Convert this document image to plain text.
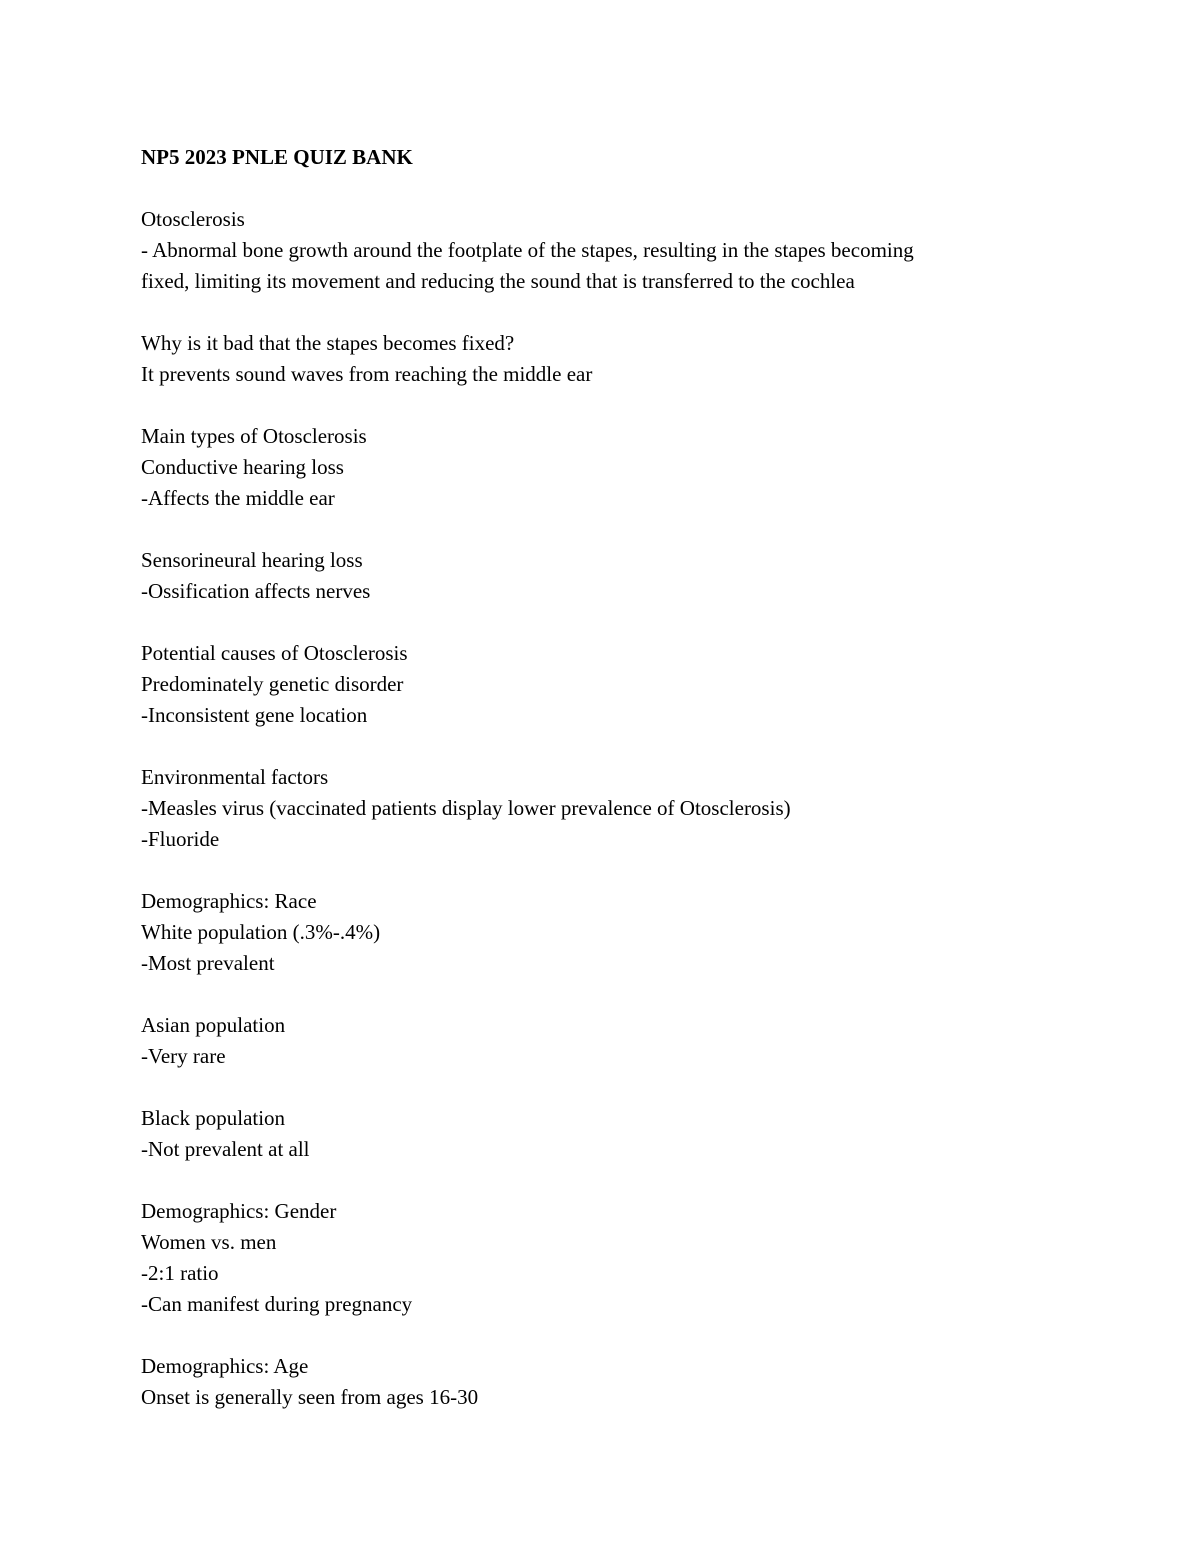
NP5 2023 PNLE QUIZ BANK
Otosclerosis
- Abnormal bone growth around the footplate of the stapes, resulting in the stapes becoming
fixed, limiting its movement and reducing the sound that is transferred to the cochlea
Why is it bad that the stapes becomes fixed?
It prevents sound waves from reaching the middle ear
Main types of Otosclerosis
Conductive hearing loss
-Affects the middle ear
Sensorineural hearing loss
-Ossification affects nerves
Potential causes of Otosclerosis
Predominately genetic disorder
-Inconsistent gene location
Environmental factors
-Measles virus (vaccinated patients display lower prevalence of Otosclerosis)
-Fluoride
Demographics: Race
White population (.3%-.4%)
-Most prevalent
Asian population
-Very rare
Black population
-Not prevalent at all
Demographics: Gender
Women vs. men
-2:1 ratio
-Can manifest during pregnancy
Demographics: Age
Onset is generally seen from ages 16-30
